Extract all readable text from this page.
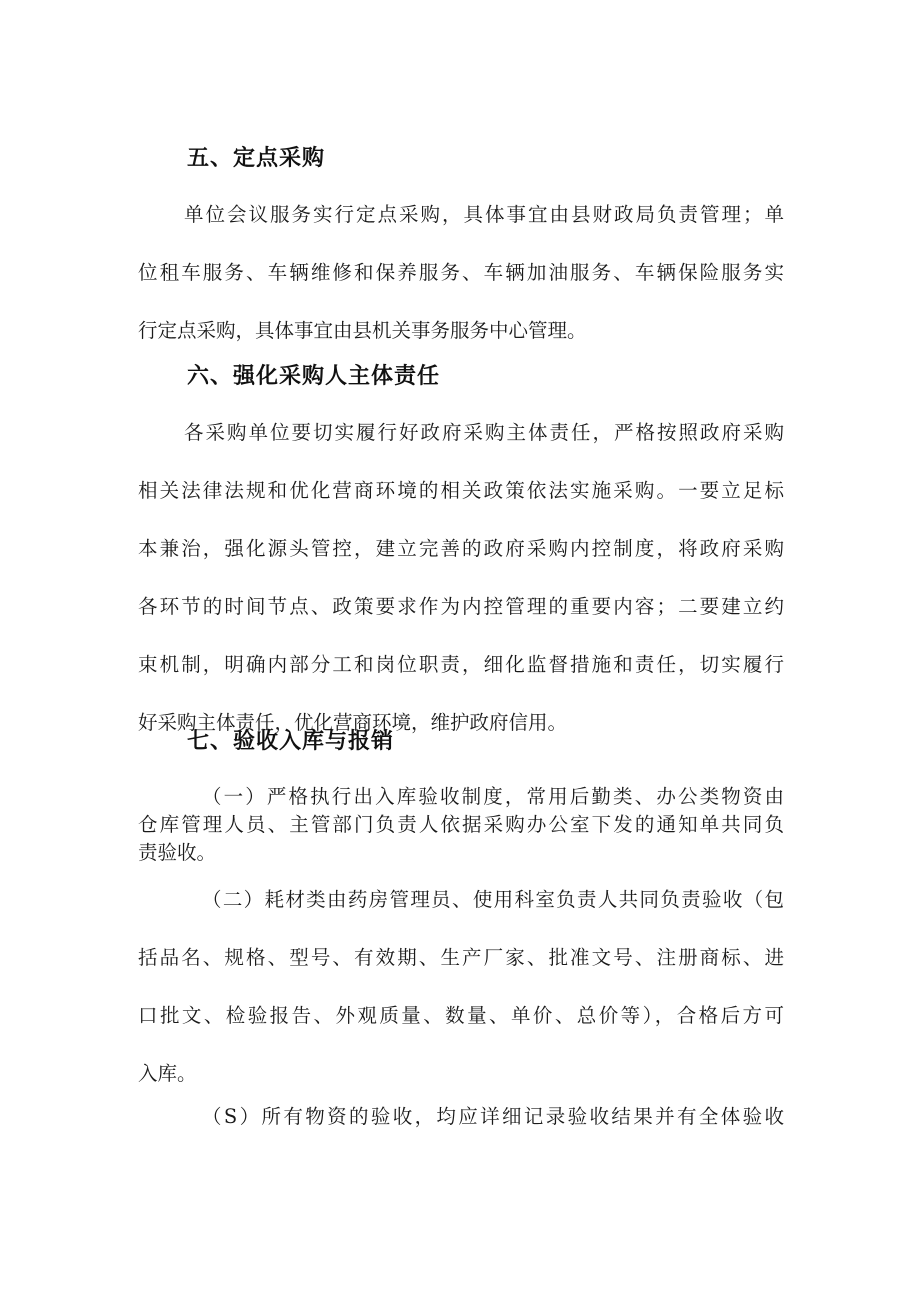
五、定点采购
单位会议服务实行定点采购，具体事宜由县财政局负责管理；单
位租车服务、车辆维修和保养服务、车辆加油服务、车辆保险服务实
行定点采购，具体事宜由县机关事务服务中心管理。
六、强化采购人主体责任
各采购单位要切实履行好政府采购主体责任，严格按照政府采购
相关法律法规和优化营商环境的相关政策依法实施采购。一要立足标
本兼治，强化源头管控，建立完善的政府采购内控制度，将政府采购
各环节的时间节点、政策要求作为内控管理的重要内容；二要建立约
束机制，明确内部分工和岗位职责，细化监督措施和责任，切实履行
好采购主体责任，优化营商环境，维护政府信用。
七、验收入库与报销
（一）严格执行出入库验收制度，常用后勤类、办公类物资由
仓库管理人员、主管部门负责人依据采购办公室下发的通知单共同负
责验收。
（二）耗材类由药房管理员、使用科室负责人共同负责验收（包
括品名、规格、型号、有效期、生产厂家、批准文号、注册商标、进
口批文、检验报告、外观质量、数量、单价、总价等），合格后方可
入库。
（S）所有物资的验收，均应详细记录验收结果并有全体验收
